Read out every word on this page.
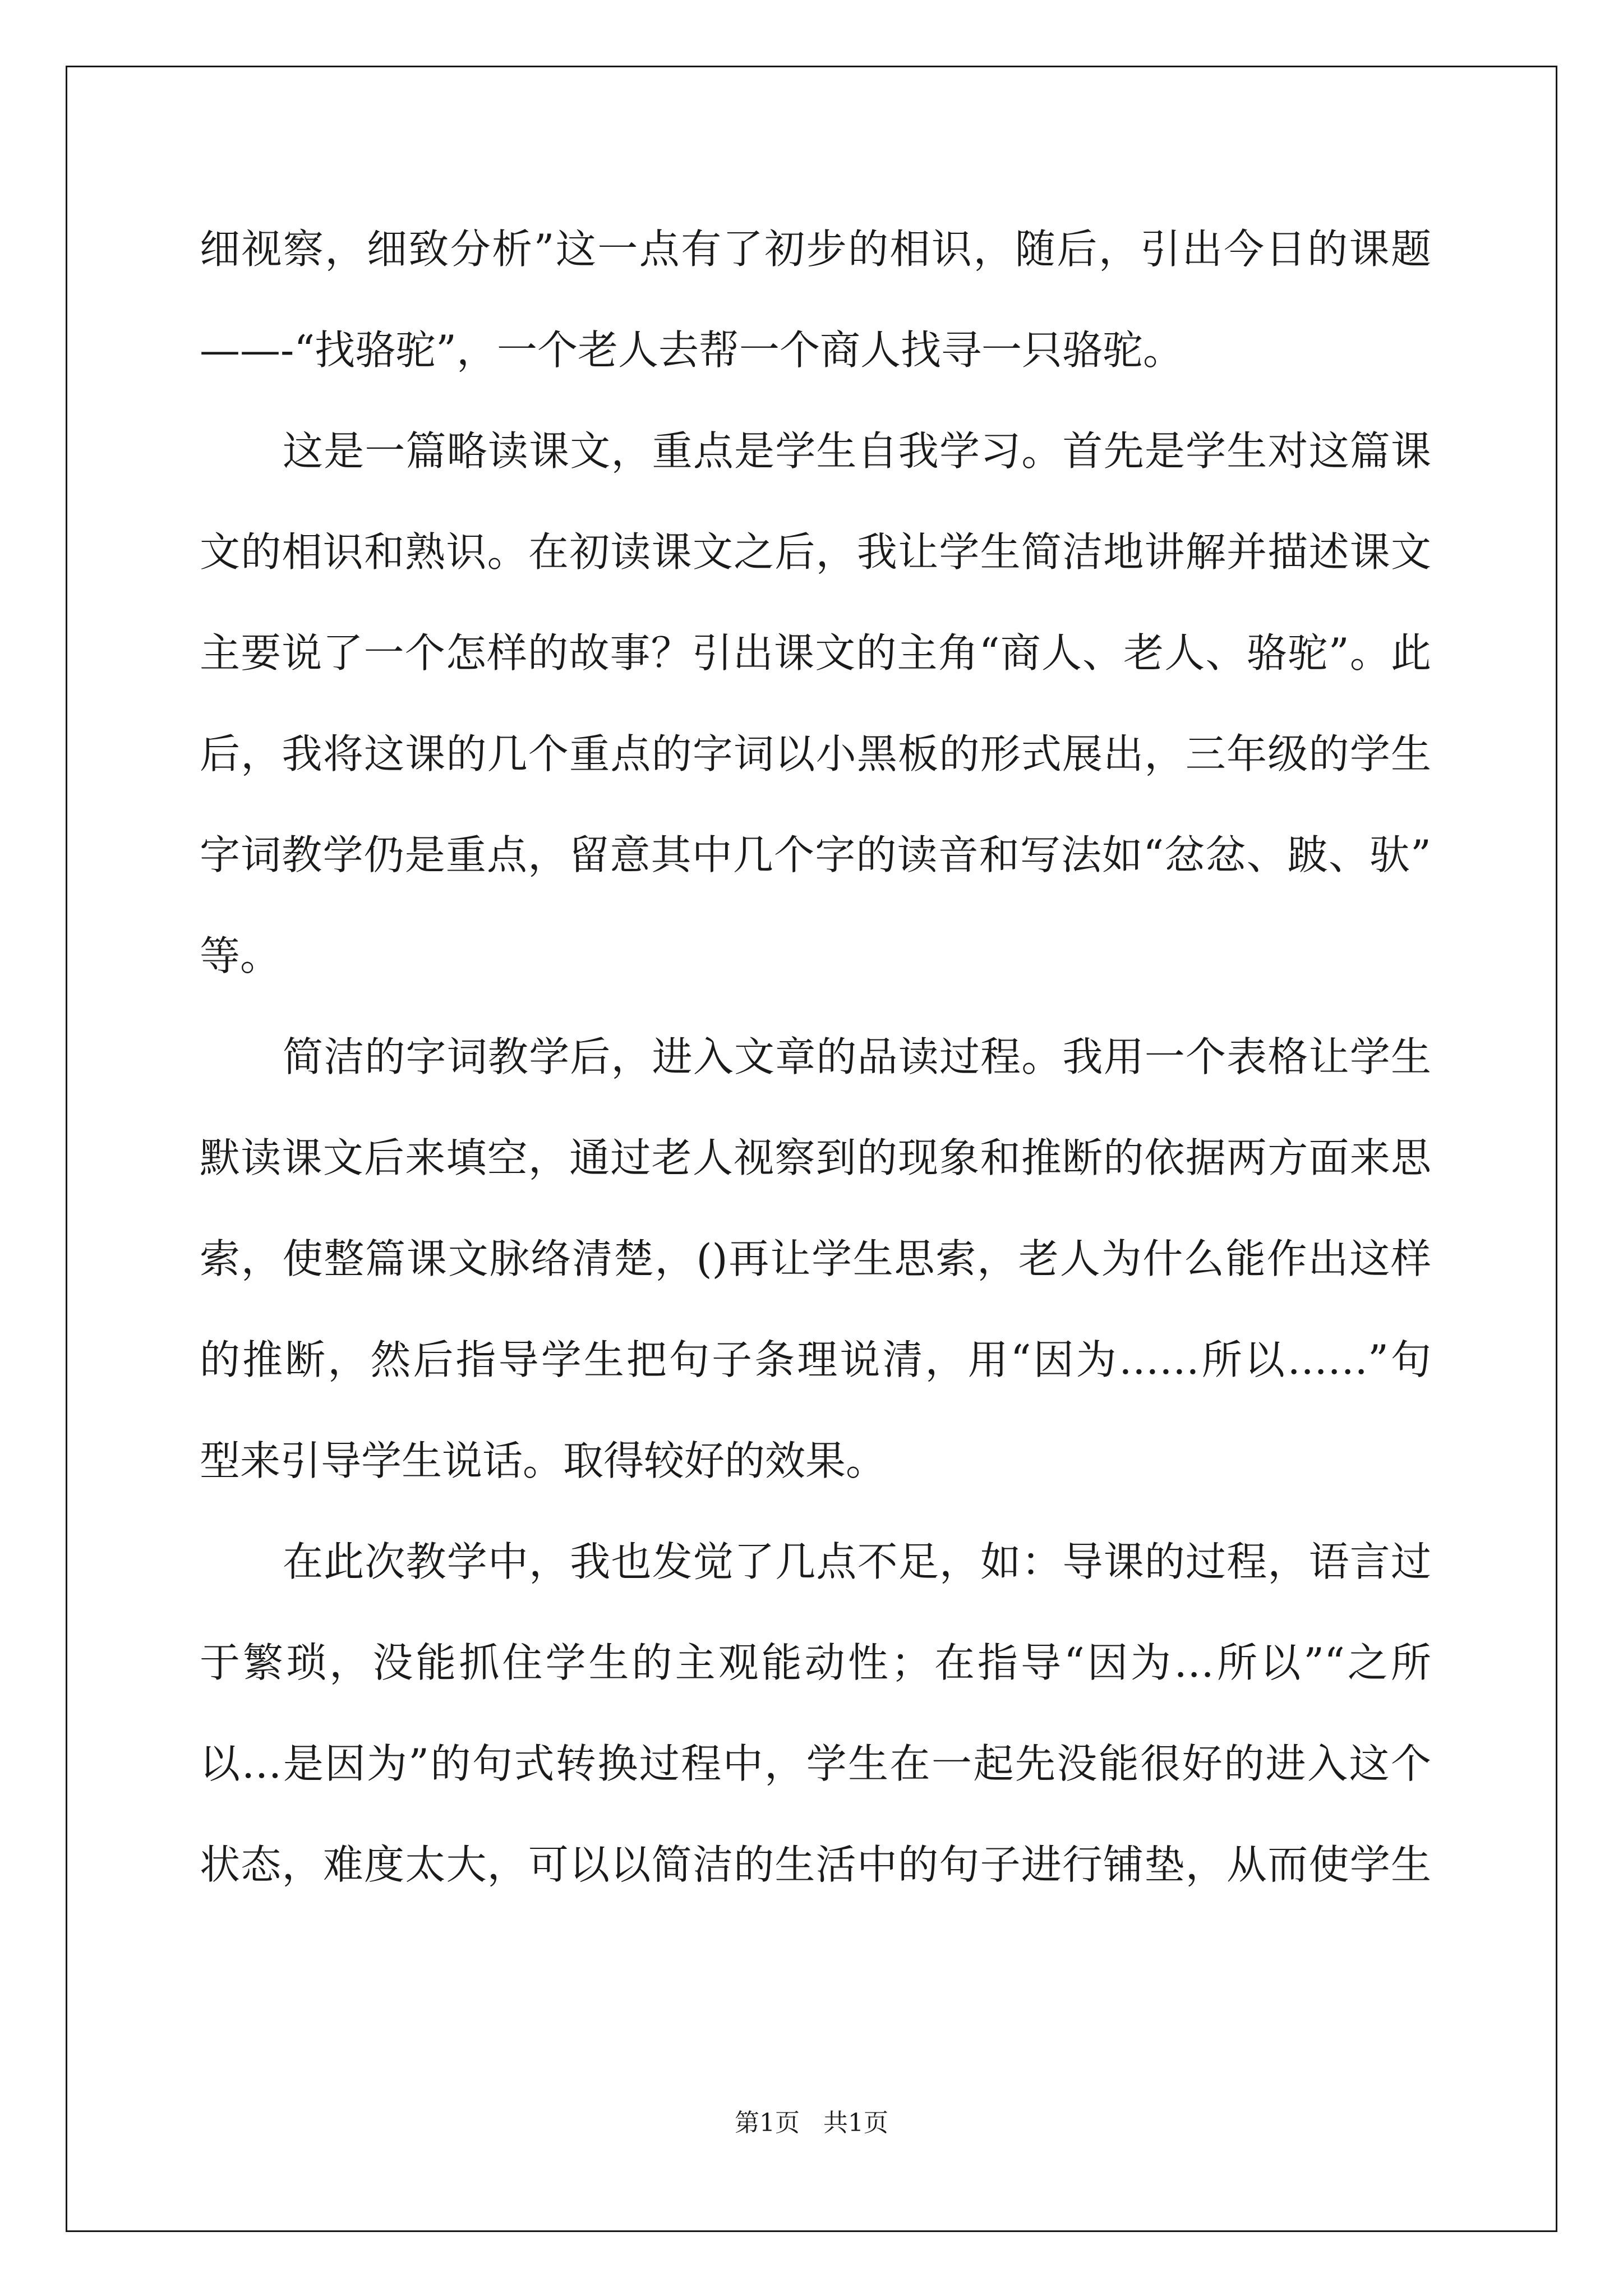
细视察，细致分析”这一点有了初步的相识，随后，引出今日的课题
——-“找骆驼”，一个老人去帮一个商人找寻一只骆驼。
这是一篇略读课文，重点是学生自我学习。首先是学生对这篇课
文的相识和熟识。在初读课文之后，我让学生简洁地讲解并描述课文
主要说了一个怎样的故事？引出课文的主角“商人、老人、骆驼”。此
后，我将这课的几个重点的字词以小黑板的形式展出，三年级的学生
字词教学仍是重点，留意其中几个字的读音和写法如“忿忿、跛、驮”
等。
简洁的字词教学后，进入文章的品读过程。我用一个表格让学生
默读课文后来填空，通过老人视察到的现象和推断的依据两方面来思
索，使整篇课文脉络清楚，()再让学生思索，老人为什么能作出这样
的推断，然后指导学生把句子条理说清，用“因为……所以……”句
型来引导学生说话。取得较好的效果。
在此次教学中，我也发觉了几点不足，如：导课的过程，语言过
于繁琐，没能抓住学生的主观能动性；在指导“因为…所以”“之所
以…是因为”的句式转换过程中，学生在一起先没能很好的进入这个
状态，难度太大，可以以简洁的生活中的句子进行铺垫，从而使学生
第1页   共1页
